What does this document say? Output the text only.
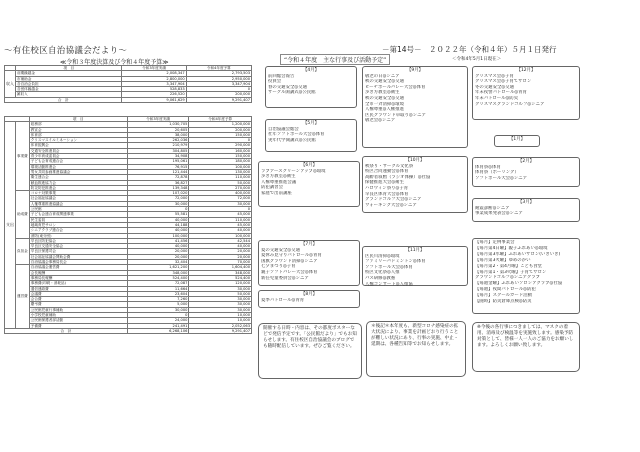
～有住校区自治協議会だより～	－第14号－　２０２２年（令和４年）５月１日発行
≪令和３年度決算及び令和４年度予算≫
	項　目	令和3年度実績	令和4年度予算
収入	前期繰越金	2,008,347	2,793,503
	市補助金	2,800,000	2,950,000
	各自治会負担	3,347,904	3,347,904
	各団体繰越金	528,833	0
	雑収入	226,520	200,000
合　計		9,061,629	9,291,407
		項　目	令和3年度実績	令和4年度予算
支出	事業費	総務部	1,030,705	1,200,000
		教宣会	20,605	200,000
		体育部	38,000	150,000
		クリスマスイルミネーション	262,036	0
		体育振興会	210,979	290,000
		交通安全推進員会	304,805	160,000
		青少年育成委員会	34,908	150,000
		子ども会育成連合会	195,061	180,000
		環境活動推進会	76,915	100,000
		男女共同参画推進協議会	121,444	130,000
		衛生連合会	72,878	110,000
		献血推進協力会	36,827	50,000
		防災防犯推進会	139,348	270,000
	助成費	コロナ対策事業	107,020	400,000
		社会福祉協議会	72,000	72,000
		人権尊重推進協議会	30,000	30,000
		公民館	0	0
		子ども会連合育成関連事業	55,581	45,000
		民生委員	40,000	110,000
		地域育児サロン	44,188	45,000
		シニアクラブ連合会	40,000	40,000
		消防(東分団)	100,000	100,000
	負担金	早良区防犯協会	41,456	42,544
		早良区交通安全協会	40,000	40,000
		早良区保護司会	20,000	20,000
		社会福祉協議会賛助会費	20,000	20,000
		自治協議会事務局長会	32,404	70,000
	運営費	自治協議会運営費	1,621,200	1,604,400
		会長報酬	348,000	348,000
		事務局長報酬	524,400	524,400
		事務費(印刷・消耗品)	72,087	120,000
		通信連絡費	11,664	30,000
		会議費	23,604	50,000
		会合費	7,260	30,000
		慶弔費	5,000	30,000
		公民館児童行事補助	30,000	30,000
		小学校児童補助	0	10,000
		公民館保護者部活動	24,000	10,000
		予備費	241,491	2,052,063
合　計			6,268,106	9,291,407
“令和４年度　主な行事及び活動予定”	＜令和4年5月1日現在＞
【4月】
前回総会報告
役員会
春の交通安全◎交通
サークル開講式◎公民館
【5月】
自治協議会総会
社年ソフトボール大会◎体育
実年代学開講式◎公民館
【6月】
ラブアースクリーンアップ◎環境
歩き方教室◎衛生
人権尊重推進会議
防犯講習会
家庭で出前講座
【7月】
夏の交通安全◎交通
夏休み見守りパトロール◎青育
国旗グラウンド清掃◎シニア
七夕まつり◎子育
親子ソフトバレー大会◎体育
新任児童委員会◎シニア
【8月】
夏季パトロール◎青育
【9月】
敬老の日◎シニア
秋の交通安全◎交通
ビーチボールバレー大会◎体育
歩き方教室◎衛生
秋の交通安全◎交通
全市一斉清掃◎環境
人権尊重◎人権推進
区民グラウンド草取り◎シニア
敬老会◎シニア
【10月】
秋祭り・サークル文化祭
校区合同運動会◎体育
高齢者叙勲（ラジオ体操）◎社協
保健推進大会◎衛生
ハロウィン祭り◎子育
早良区体育大会◎体育
グランドゴルフ大会◎シニア
ウォーキング大会◎シニア
【11月】
区民川清掃◎環境
ファミリーバドミントン◎体育
ソフトボール大会◎体育
校区文化祭◎人推
バス研修◎教養
人権コンサート◎人推協
【12月】
クリスマス会◎子育
クリスマス会◎子育てサロン
冬の交通安全◎交通
年末夜警パトロール◎青育
年末パトロール◎防災
クリスマスグランドゴルフ◎シニア
【1月】
【2月】
体育祭◎体育
体育祭（ボーリング）
ソフトボール大会◎シニア
【3月】
耐震診断◎シニア
事業成果発表会◎シニア
【毎月】定例事業会
【毎月第4日曜】親子ふれあい◎環境
【毎月第3水曜】ふれあいサロン(いきいき)
【毎月第3火曜】ゆめのかい
【毎月第2・第4月曜】こども食堂
【毎月第1・第3火曜】子育てサロン
グラウンドゴルフ◎シニアクラブ
【毎週金曜】ふれあいソロシアクラブ◎社協
【毎週】夜間パトロール◎防犯
【毎月】スクールガード活動
【随時】防災倉庫点検◎防災
開催する日時・内容は、その都度ポスターなどで発信予定です。「公民館だより」でもお知らせします。有住校区自治協議会のブログでも随時配信しています。ぜひご覧ください。
＊後記＊本年度も、新型コロナ感染症の拡大状況により、事業を計画どおり行うことが難しい状況にあり、行事の実施、中止・延期は、各種告知等でお知らせします。
※今後の各行事につきましては、マスクの着用、消毒及び検温等を実施致します。感染予防対策として、皆様一人一人のご協力をお願いします。よろしくお願い致します。
